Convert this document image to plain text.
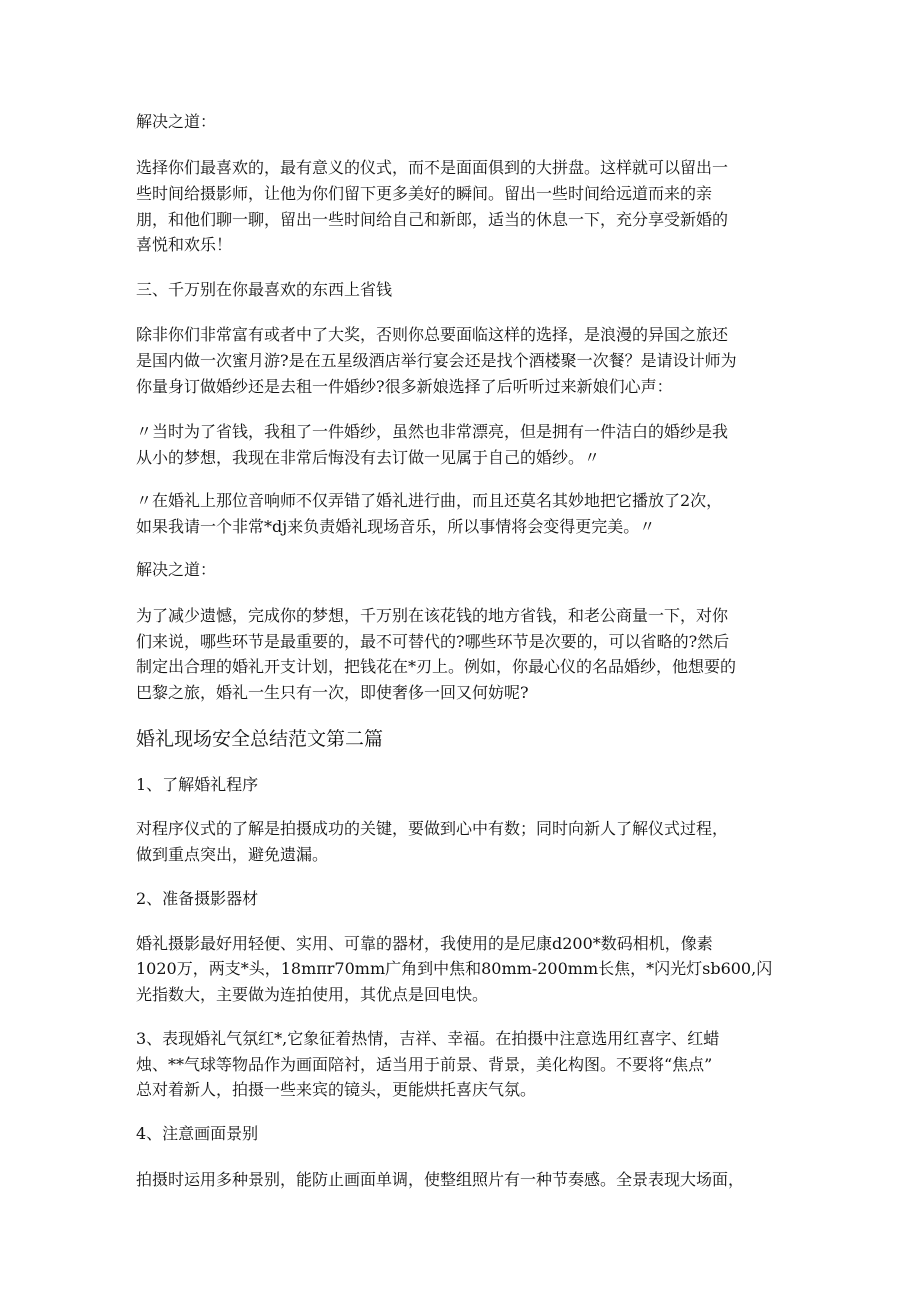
解决之道：
选择你们最喜欢的，最有意义的仪式，而不是面面俱到的大拼盘。这样就可以留出一
些时间给摄影师，让他为你们留下更多美好的瞬间。留出一些时间给远道而来的亲
朋，和他们聊一聊，留出一些时间给自己和新郎，适当的休息一下，充分享受新婚的
喜悦和欢乐！
三、千万别在你最喜欢的东西上省钱
除非你们非常富有或者中了大奖，否则你总要面临这样的选择，是浪漫的异国之旅还
是国内做一次蜜月游?是在五星级酒店举行宴会还是找个酒楼聚一次餐？是请设计师为
你量身订做婚纱还是去租一件婚纱?很多新娘选择了后听听过来新娘们心声：
〃当时为了省钱，我租了一件婚纱，虽然也非常漂亮，但是拥有一件洁白的婚纱是我
从小的梦想，我现在非常后悔没有去订做一见属于自己的婚纱。〃
〃在婚礼上那位音响师不仅弄错了婚礼进行曲，而且还莫名其妙地把它播放了2次，
如果我请一个非常*dj来负责婚礼现场音乐，所以事情将会变得更完美。〃
解决之道：
为了减少遗憾，完成你的梦想，千万别在该花钱的地方省钱，和老公商量一下，对你
们来说，哪些环节是最重要的，最不可替代的?哪些环节是次要的，可以省略的?然后
制定出合理的婚礼开支计划，把钱花在*刃上。例如，你最心仪的名品婚纱，他想要的
巴黎之旅，婚礼一生只有一次，即使奢侈一回又何妨呢?
婚礼现场安全总结范文第二篇
1、了解婚礼程序
对程序仪式的了解是拍摄成功的关键，要做到心中有数；同时向新人了解仪式过程，
做到重点突出，避免遗漏。
2、准备摄影器材
婚礼摄影最好用轻便、实用、可靠的器材，我使用的是尼康d200*数码相机，像素
1020万，两支*头，18mπr70mm广角到中焦和80mm-200mm长焦，*闪光灯sb600,闪
光指数大，主要做为连拍使用，其优点是回电快。
3、表现婚礼气氛红*,它象征着热情，吉祥、幸福。在拍摄中注意选用红喜字、红蜡
烛、**气球等物品作为画面陪衬，适当用于前景、背景，美化构图。不要将“焦点”
总对着新人，拍摄一些来宾的镜头，更能烘托喜庆气氛。
4、注意画面景别
拍摄时运用多种景别，能防止画面单调，使整组照片有一种节奏感。全景表现大场面，
